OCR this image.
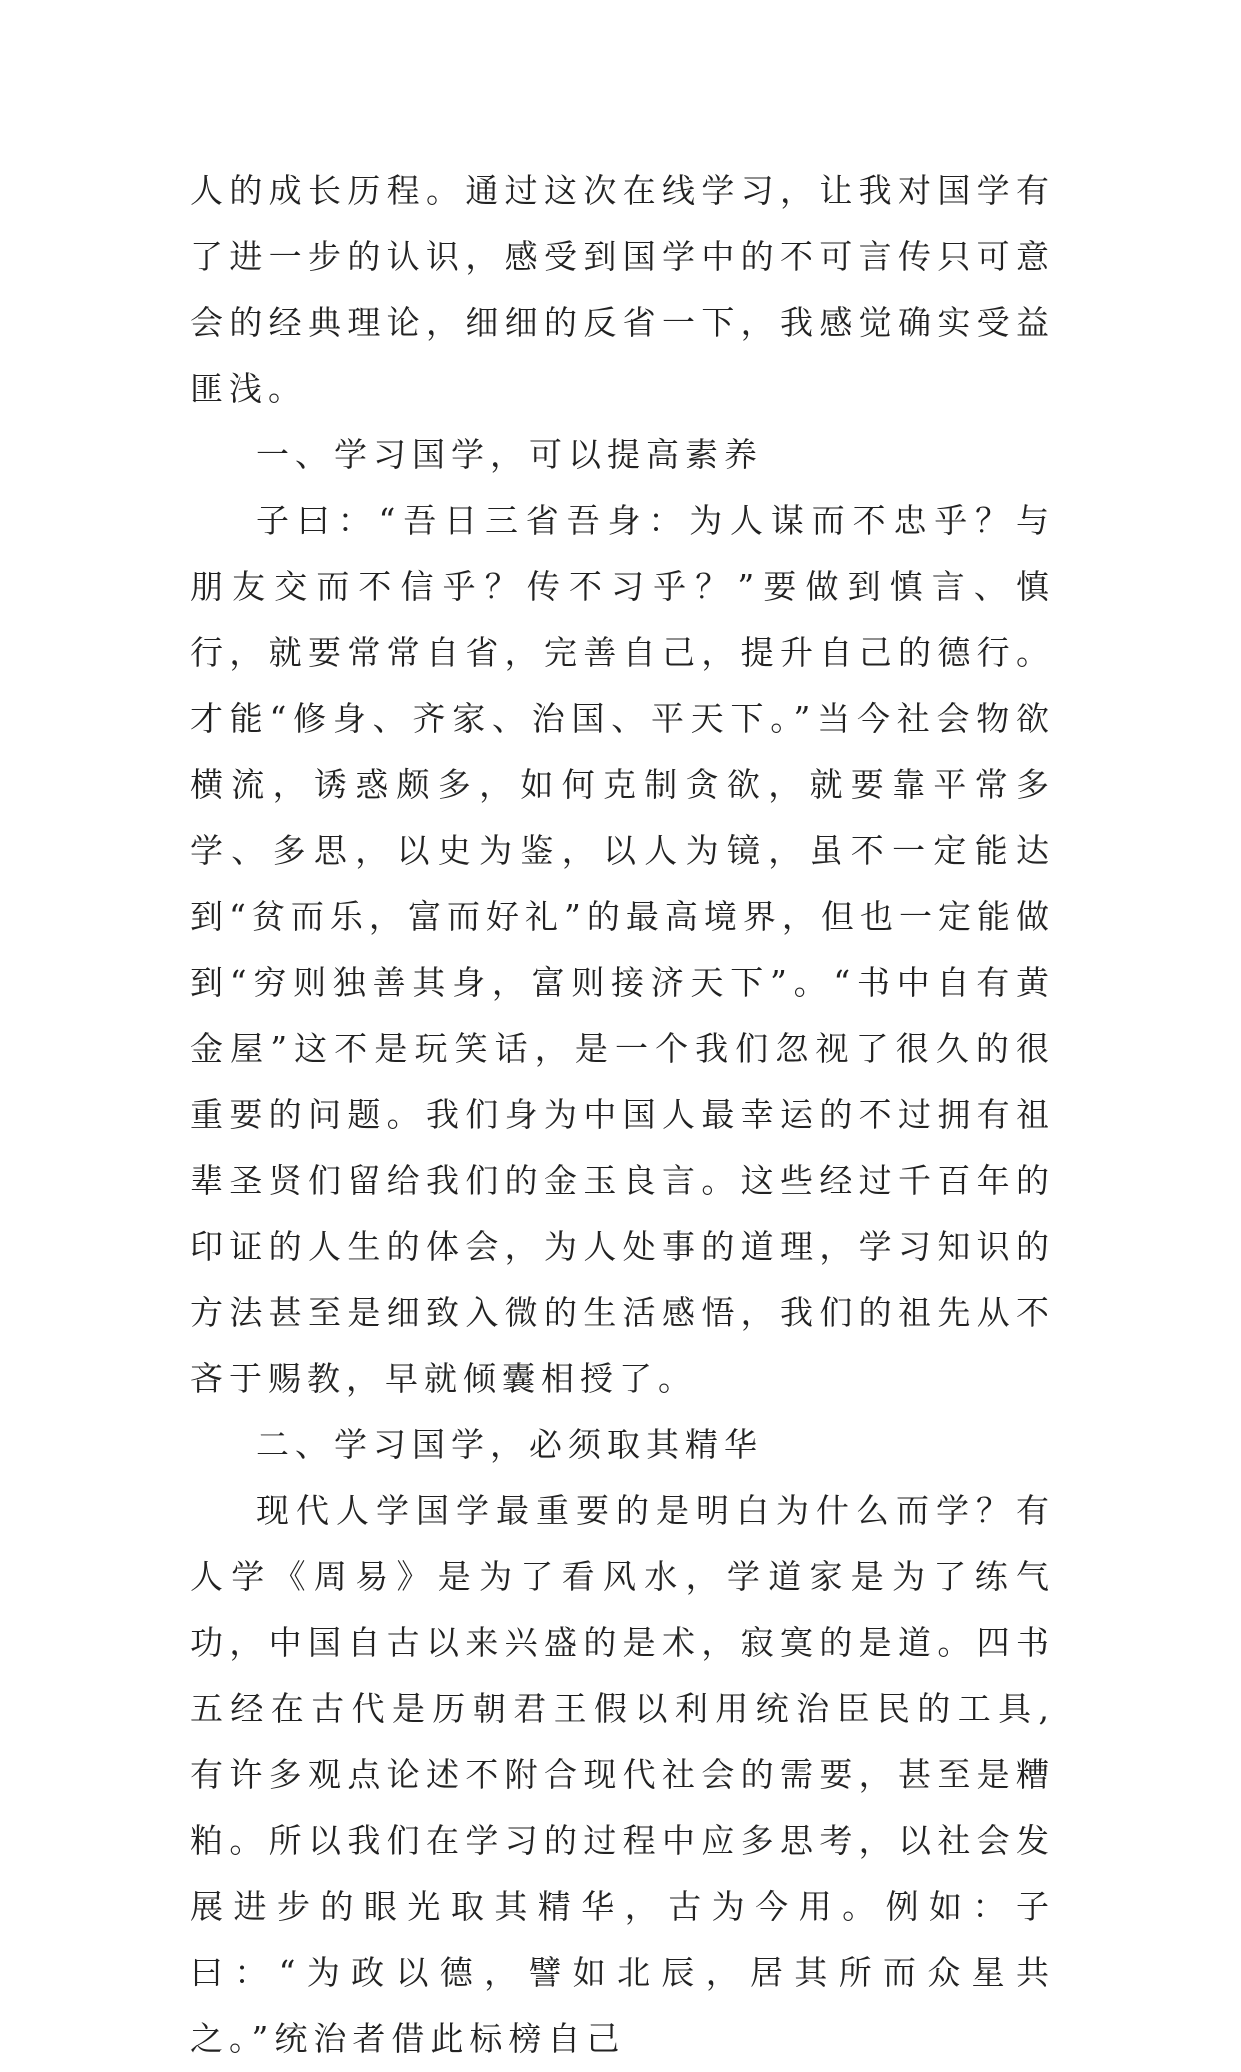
人的成长历程。通过这次在线学习，让我对国学有了进一步的认识，感受到国学中的不可言传只可意会的经典理论，细细的反省一下，我感觉确实受益匪浅。

一、学习国学，可以提高素养

子曰：“吾日三省吾身：为人谋而不忠乎？与朋友交而不信乎？传不习乎？”要做到慎言、慎行，就要常常自省，完善自己，提升自己的德行。才能“修身、齐家、治国、平天下。”当今社会物欲横流，诱惑颇多，如何克制贪欲，就要靠平常多学、多思，以史为鉴，以人为镜，虽不一定能达到“贫而乐，富而好礼”的最高境界，但也一定能做到“穷则独善其身，富则接济天下”。“书中自有黄金屋”这不是玩笑话，是一个我们忽视了很久的很重要的问题。我们身为中国人最幸运的不过拥有祖辈圣贤们留给我们的金玉良言。这些经过千百年的印证的人生的体会，为人处事的道理，学习知识的方法甚至是细致入微的生活感悟，我们的祖先从不吝于赐教，早就倾囊相授了。

二、学习国学，必须取其精华

现代人学国学最重要的是明白为什么而学？有人学《周易》是为了看风水，学道家是为了练气功，中国自古以来兴盛的是术，寂寞的是道。四书五经在古代是历朝君王假以利用统治臣民的工具,有许多观点论述不附合现代社会的需要，甚至是糟粕。所以我们在学习的过程中应多思考，以社会发展进步的眼光取其精华，古为今用。例如：子曰：“为政以德，譬如北辰，居其所而众星共之。”统治者借此标榜自己
